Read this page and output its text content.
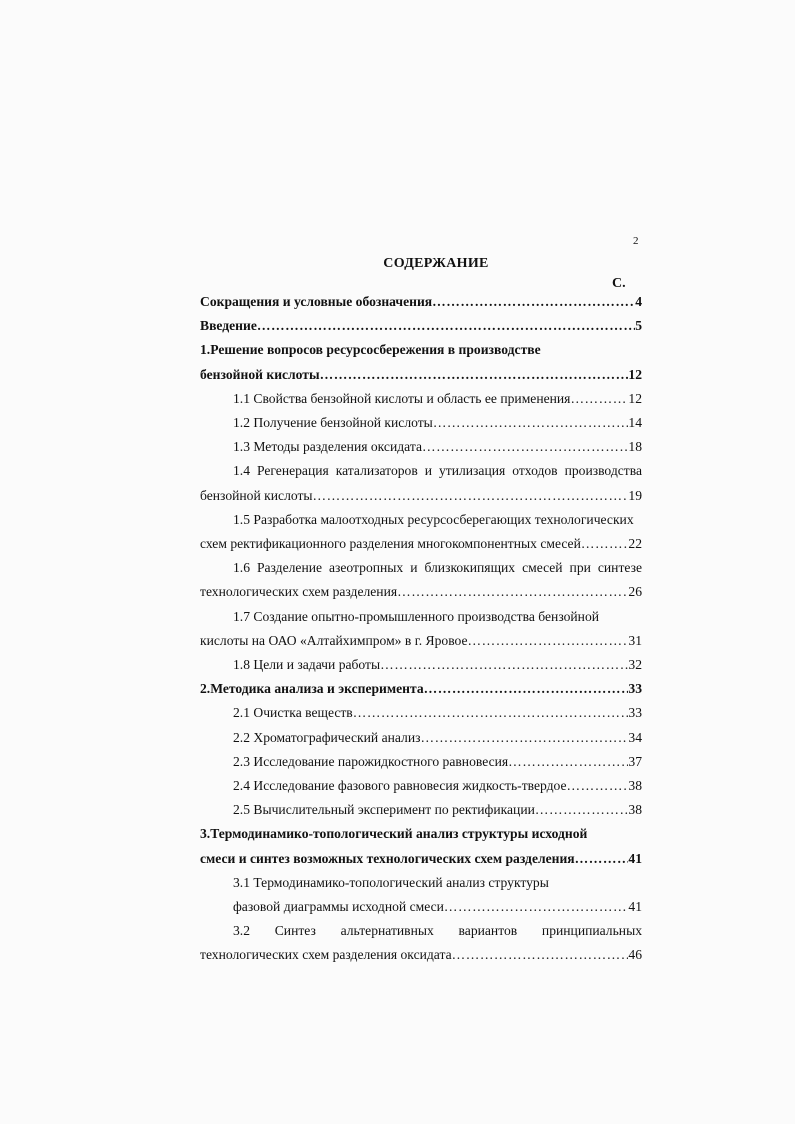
2
СОДЕРЖАНИЕ
С.
Сокращения и условные обозначения ……………………………………………………………………………………………………………………………………	4
Введение ……………………………………………………………………………………………………………………………………	5
1.Решение вопросов ресурсосбережения в производстве
бензойной кислоты ……………………………………………………………………………………………………………………………………	12
1.1 Свойства бензойной кислоты и область ее применения ……………………………………………………………………………………………………………………………………	12
1.2 Получение бензойной кислоты ……………………………………………………………………………………………………………………………………	14
1.3 Методы разделения оксидата ……………………………………………………………………………………………………………………………………	18
1.4 Регенерация катализаторов и утилизация отходов производства
бензойной кислоты ……………………………………………………………………………………………………………………………………	19
1.5 Разработка малоотходных ресурсосберегающих технологических
схем ректификационного разделения многокомпонентных смесей ……………………………………………………………………………………………………………………………………	22
1.6 Разделение азеотропных и близкокипящих смесей при синтезе
технологических схем разделения ……………………………………………………………………………………………………………………………………	26
1.7 Создание опытно-промышленного производства бензойной
кислоты на ОАО «Алтайхимпром» в г. Яровое ……………………………………………………………………………………………………………………………………	31
1.8 Цели и задачи работы ……………………………………………………………………………………………………………………………………	32
2.Методика анализа и эксперимента ……………………………………………………………………………………………………………………………………	33
2.1 Очистка веществ ……………………………………………………………………………………………………………………………………	33
2.2 Хроматографический анализ ……………………………………………………………………………………………………………………………………	34
2.3 Исследование парожидкостного равновесия ……………………………………………………………………………………………………………………………………	37
2.4 Исследование фазового равновесия жидкость-твердое ……………………………………………………………………………………………………………………………………	38
2.5 Вычислительный эксперимент по ректификации ……………………………………………………………………………………………………………………………………	38
3.Термодинамико-топологический анализ структуры исходной
смеси и синтез возможных технологических схем разделения ……………………………………………………………………………………………………………………………………	41
3.1 Термодинамико-топологический анализ структуры
фазовой диаграммы исходной смеси ……………………………………………………………………………………………………………………………………	41
3.2 Синтез альтернативных вариантов принципиальных
технологических схем разделения оксидата ……………………………………………………………………………………………………………………………………	46
